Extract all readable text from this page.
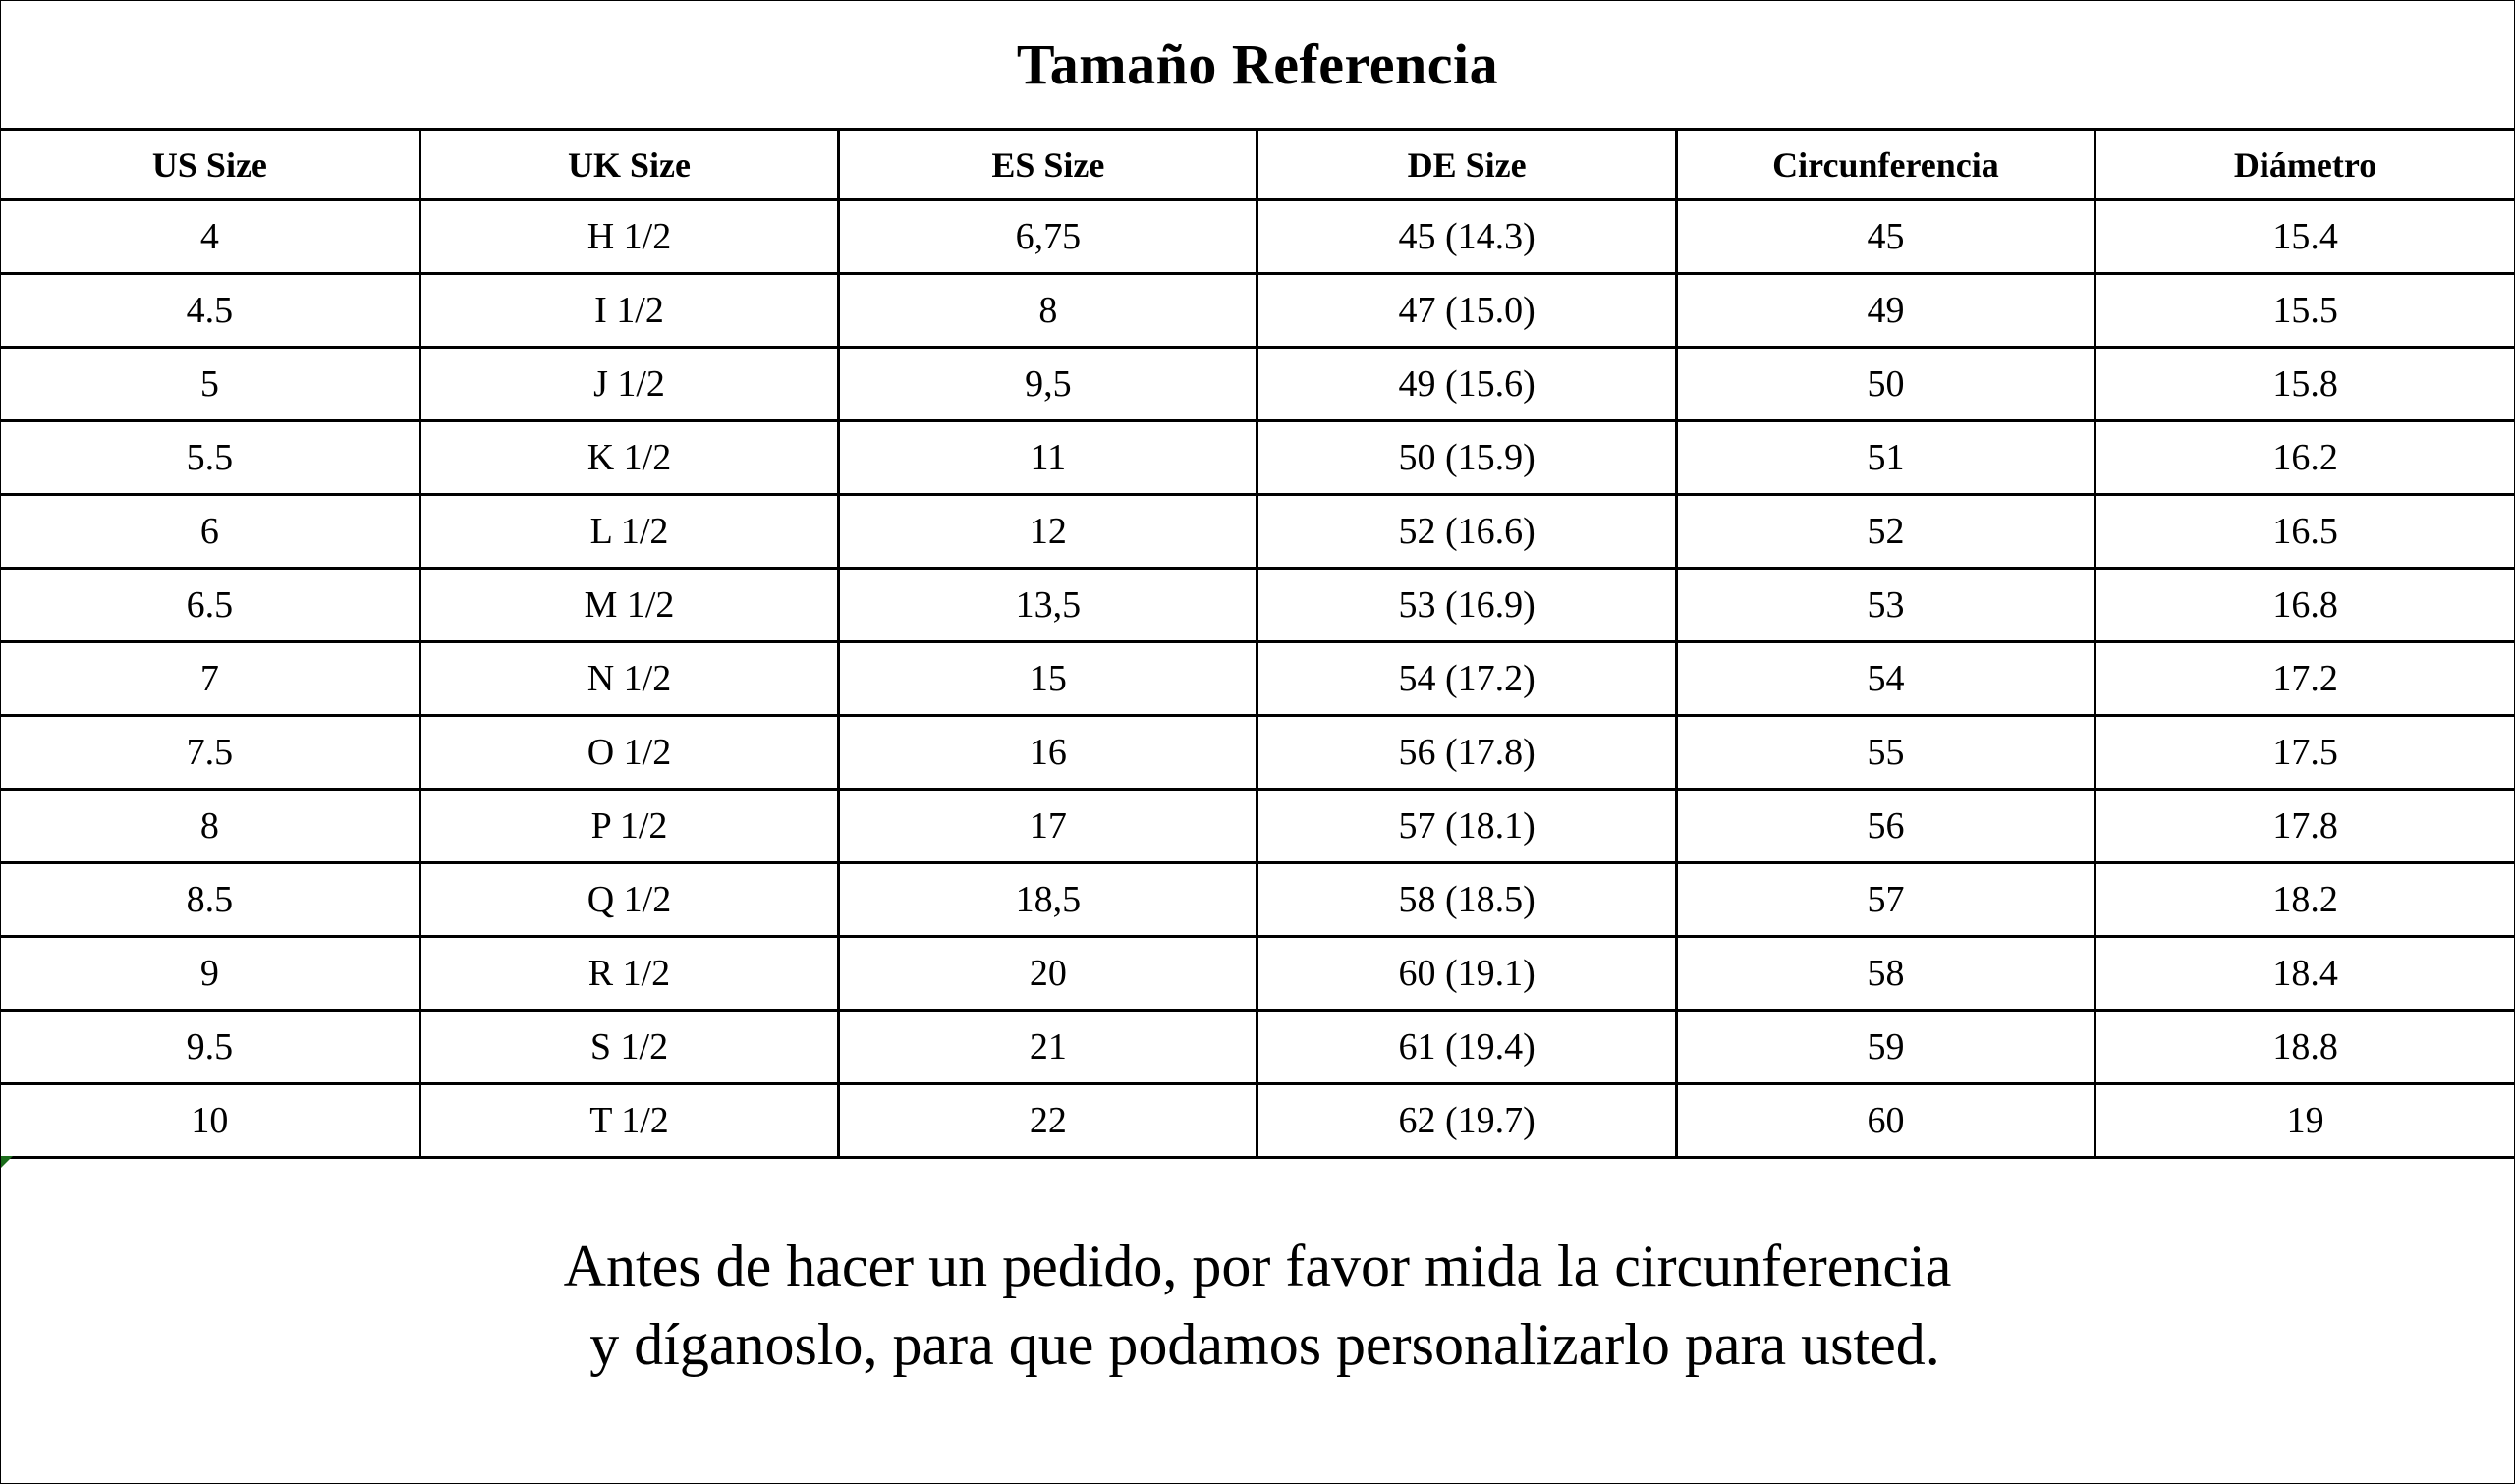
Tamaño Referencia
US Size	UK Size	ES Size	DE Size	Circunferencia	Diámetro
4	H 1/2	6,75	45 (14.3)	45	15.4
4.5	I 1/2	8	47 (15.0)	49	15.5
5	J 1/2	9,5	49 (15.6)	50	15.8
5.5	K 1/2	11	50 (15.9)	51	16.2
6	L 1/2	12	52 (16.6)	52	16.5
6.5	M 1/2	13,5	53 (16.9)	53	16.8
7	N 1/2	15	54 (17.2)	54	17.2
7.5	O 1/2	16	56 (17.8)	55	17.5
8	P 1/2	17	57 (18.1)	56	17.8
8.5	Q 1/2	18,5	58 (18.5)	57	18.2
9	R 1/2	20	60 (19.1)	58	18.4
9.5	S 1/2	21	61 (19.4)	59	18.8
10	T 1/2	22	62 (19.7)	60	19
Antes de hacer un pedido, por favor mida la circunferencia
y díganoslo, para que podamos personalizarlo para usted.
